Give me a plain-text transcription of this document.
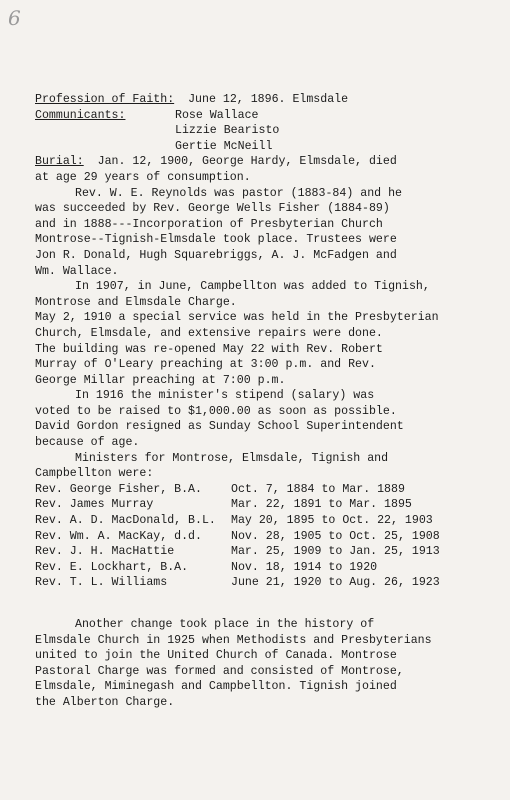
6
Profession of Faith:
June 12, 1896. Elmsdale
Communicants:	Rose Wallace
Lizzie Bearisto
Gertie McNeill
Burial:
Jan. 12, 1900, George Hardy, Elmsdale, died
at age 29 years of consumption.
Rev. W. E. Reynolds was pastor (1883-84) and he
was succeeded by Rev. George Wells Fisher (1884-89)
and in 1888---Incorporation of Presbyterian Church
Montrose--Tignish-Elmsdale took place. Trustees were
Jon R. Donald, Hugh Squarebriggs, A. J. McFadgen and
Wm. Wallace.
In 1907, in June, Campbellton was added to Tignish,
Montrose and Elmsdale Charge.
May 2, 1910 a special service was held in the Presbyterian
Church, Elmsdale, and extensive repairs were done.
The building was re-opened May 22 with Rev. Robert
Murray of O'Leary preaching at 3:00 p.m. and Rev.
George Millar preaching at 7:00 p.m.
In 1916 the minister's stipend (salary) was
voted to be raised to $1,000.00 as soon as possible.
David Gordon resigned as Sunday School Superintendent
because of age.
Ministers for Montrose, Elmsdale, Tignish and
Campbellton were:
Rev. George Fisher, B.A.	Oct. 7, 1884 to Mar. 1889
Rev. James Murray	Mar. 22, 1891 to Mar. 1895
Rev. A. D. MacDonald, B.L.	May 20, 1895 to Oct. 22, 1903
Rev. Wm. A. MacKay, d.d.	Nov. 28, 1905 to Oct. 25, 1908
Rev. J. H. MacHattie	Mar. 25, 1909 to Jan. 25, 1913
Rev. E. Lockhart, B.A.	Nov. 18, 1914 to 1920
Rev. T. L. Williams	June 21, 1920 to Aug. 26, 1923
Another change took place in the history of
Elmsdale Church in 1925 when Methodists and Presbyterians
united to join the United Church of Canada. Montrose
Pastoral Charge was formed and consisted of Montrose,
Elmsdale, Miminegash and Campbellton. Tignish joined
the Alberton Charge.
